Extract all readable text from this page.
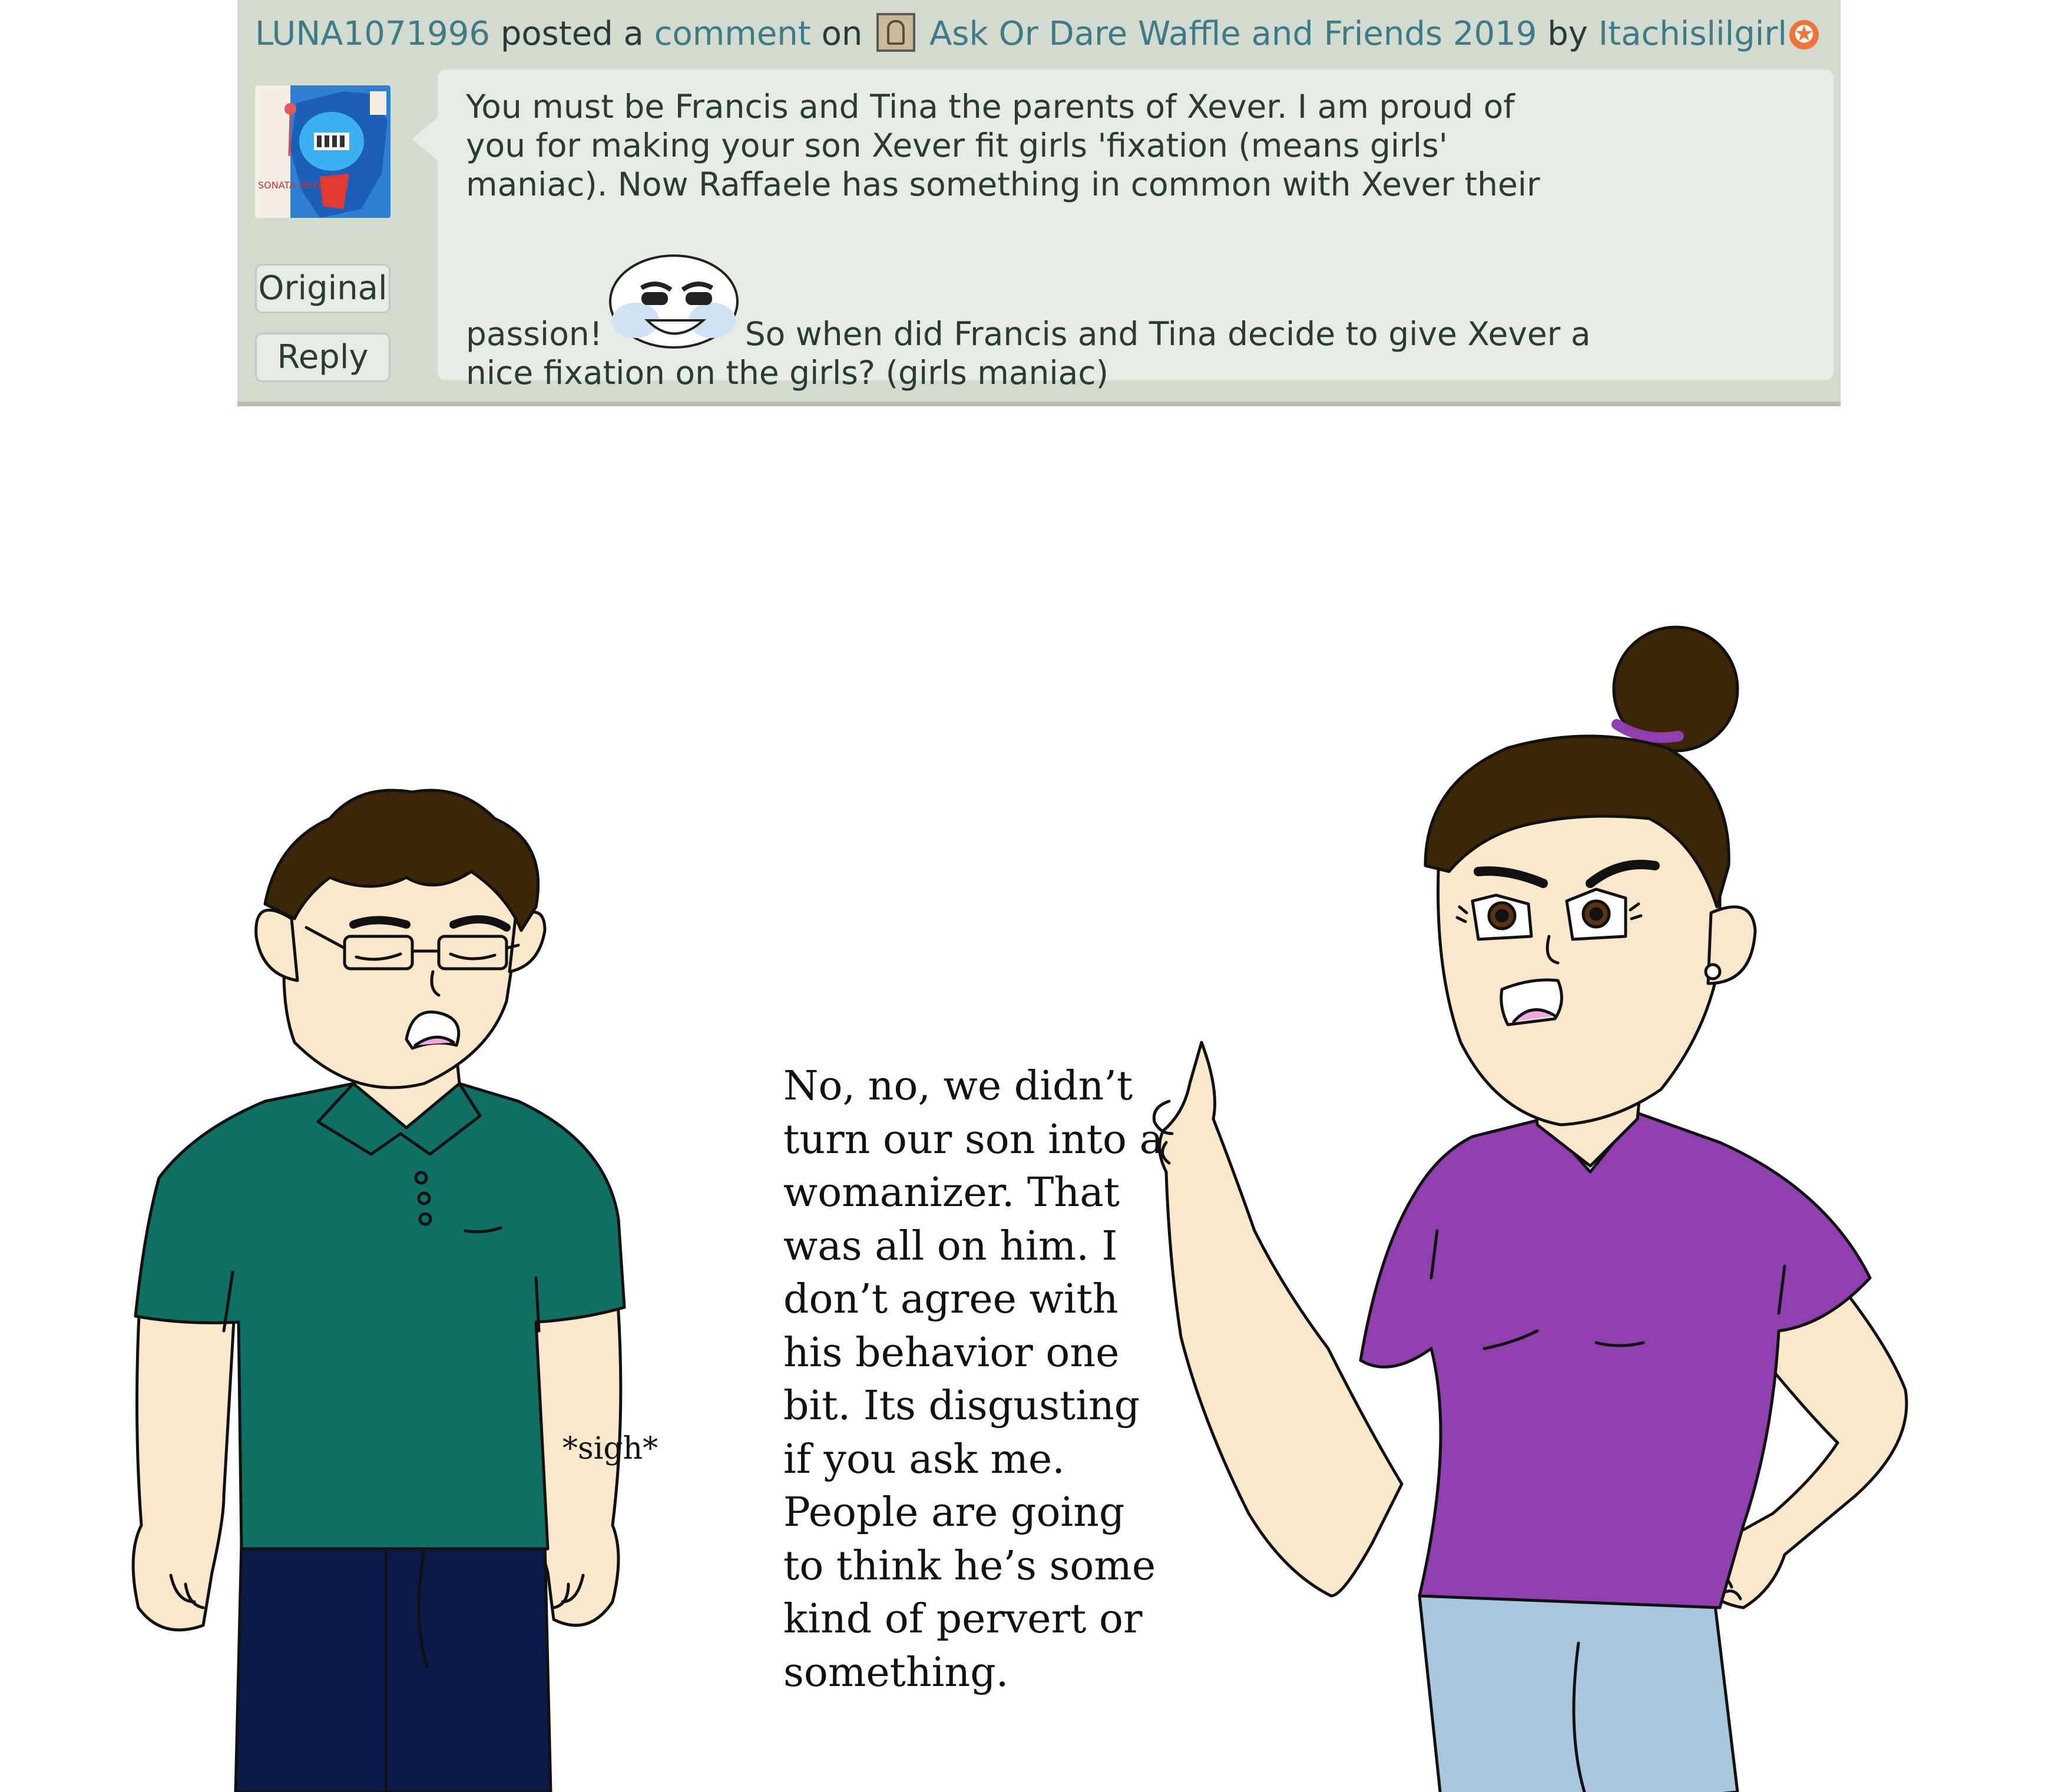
LUNA1071996 posted a comment on Ask Or Dare Waffle and Friends 2019 by Itachislilgirl ✪
SONATA MEW
Original
Reply
You must be Francis and Tina the parents of Xever. I am proud of
you for making your son Xever fit girls 'fixation (means girls'
maniac). Now Raffaele has something in common with Xever their
passion!	So when did Francis and Tina decide to give Xever a
nice fixation on the girls? (girls maniac)
No, no, we didn’t
turn our son into a
womanizer. That
was all on him. I
don’t agree with
his behavior one
bit. Its disgusting
if you ask me.
People are going
to think he’s some
kind of pervert or
something.
*sigh*
